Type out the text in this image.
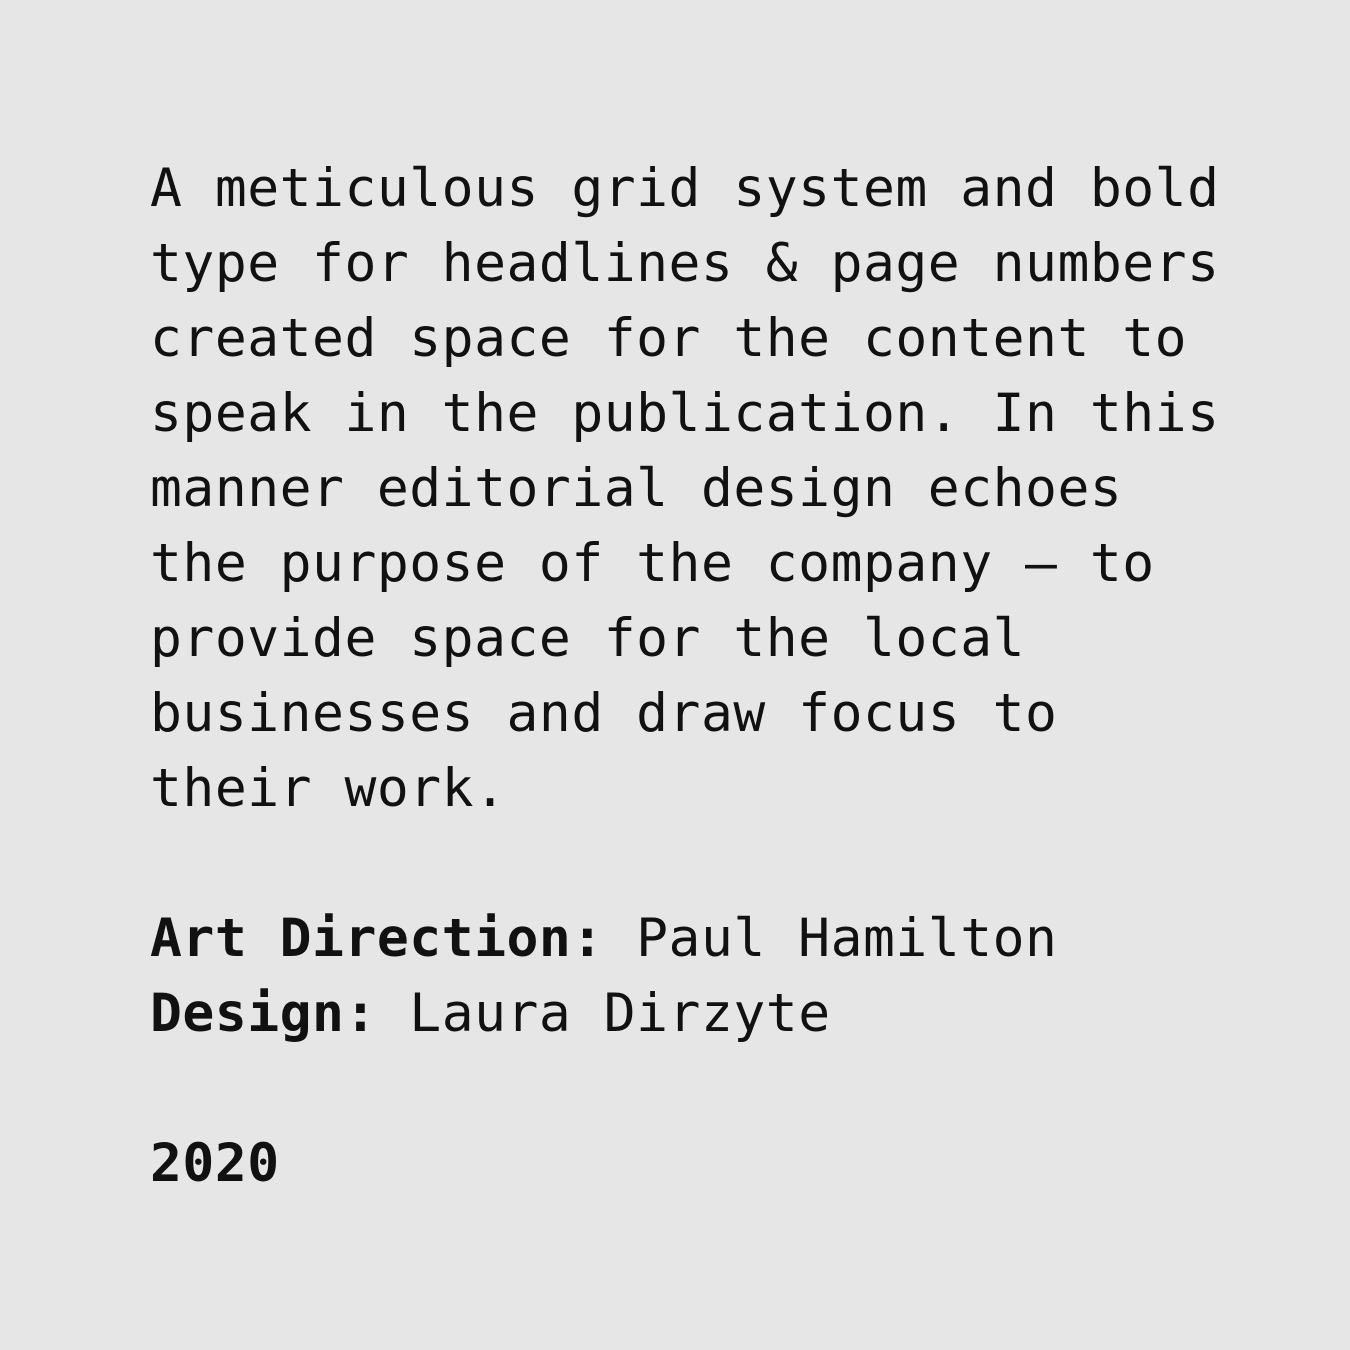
A meticulous grid system and bold
type for headlines & page numbers
created space for the content to
speak in the publication. In this
manner editorial design echoes
the purpose of the company – to
provide space for the local
businesses and draw focus to
their work.
Art Direction: Paul Hamilton
Design: Laura Dirzyte
2020
